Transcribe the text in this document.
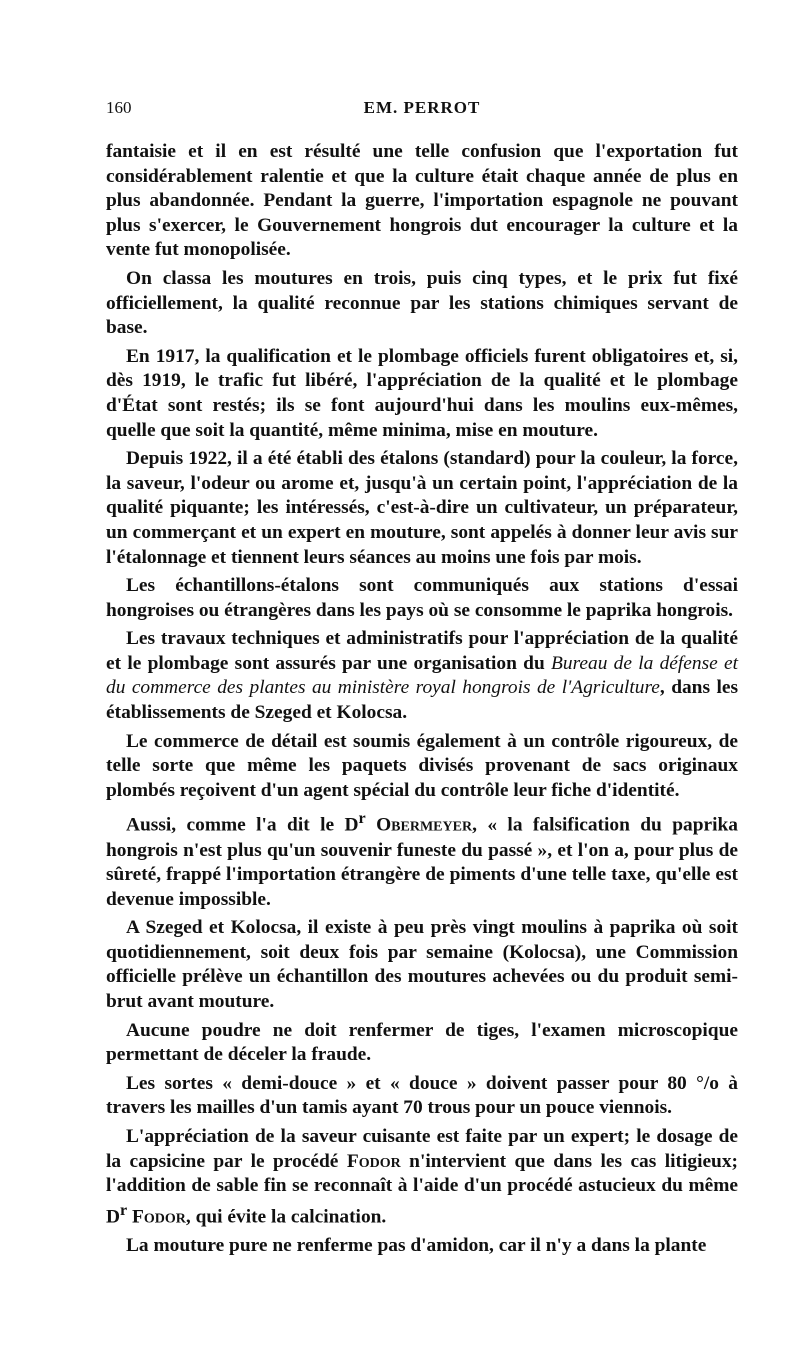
160	EM. PERROT

fantaisie et il en est résulté une telle confusion que l'exportation fut considérablement ralentie et que la culture était chaque année de plus en plus abandonnée. Pendant la guerre, l'importation espagnole ne pouvant plus s'exercer, le Gouvernement hongrois dut encourager la culture et la vente fut monopolisée.

On classa les moutures en trois, puis cinq types, et le prix fut fixé officiellement, la qualité reconnue par les stations chimiques servant de base.

En 1917, la qualification et le plombage officiels furent obligatoires et, si, dès 1919, le trafic fut libéré, l'appréciation de la qualité et le plombage d'État sont restés; ils se font aujourd'hui dans les moulins eux-mêmes, quelle que soit la quantité, même minima, mise en mouture.

Depuis 1922, il a été établi des étalons (standard) pour la couleur, la force, la saveur, l'odeur ou arome et, jusqu'à un certain point, l'appréciation de la qualité piquante; les intéressés, c'est-à-dire un cultivateur, un préparateur, un commerçant et un expert en mouture, sont appelés à donner leur avis sur l'étalonnage et tiennent leurs séances au moins une fois par mois.

Les échantillons-étalons sont communiqués aux stations d'essai hongroises ou étrangères dans les pays où se consomme le paprika hongrois.

Les travaux techniques et administratifs pour l'appréciation de la qualité et le plombage sont assurés par une organisation du Bureau de la défense et du commerce des plantes au ministère royal hongrois de l'Agriculture, dans les établissements de Szeged et Kolocsa.

Le commerce de détail est soumis également à un contrôle rigoureux, de telle sorte que même les paquets divisés provenant de sacs originaux plombés reçoivent d'un agent spécial du contrôle leur fiche d'identité.

Aussi, comme l'a dit le $D^r$ Obermeyer, « la falsification du paprika hongrois n'est plus qu'un souvenir funeste du passé », et l'on a, pour plus de sûreté, frappé l'importation étrangère de piments d'une telle taxe, qu'elle est devenue impossible.

A Szeged et Kolocsa, il existe à peu près vingt moulins à paprika où soit quotidiennement, soit deux fois par semaine (Kolocsa), une Commission officielle prélève un échantillon des moutures achevées ou du produit semi-brut avant mouture.

Aucune poudre ne doit renfermer de tiges, l'examen microscopique permettant de déceler la fraude.

Les sortes « demi-douce » et « douce » doivent passer pour 80 °/o à travers les mailles d'un tamis ayant 70 trous pour un pouce viennois.

L'appréciation de la saveur cuisante est faite par un expert; le dosage de la capsicine par le procédé Fodor n'intervient que dans les cas litigieux; l'addition de sable fin se reconnaît à l'aide d'un procédé astucieux du même $D^r$ Fodor, qui évite la calcination.

La mouture pure ne renferme pas d'amidon, car il n'y a dans la plante
